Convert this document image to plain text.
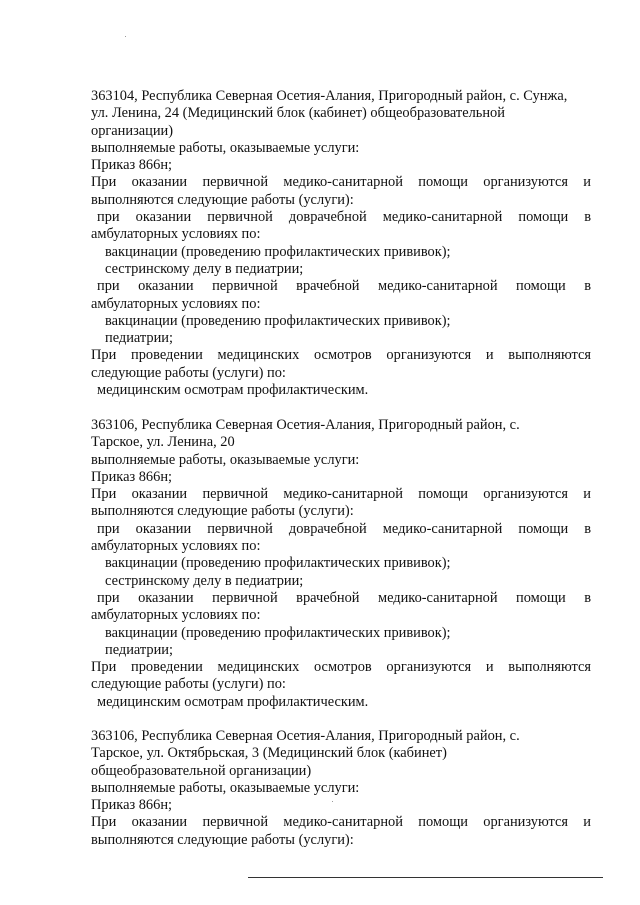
363104, Республика Северная Осетия-Алания, Пригородный район, с. Сунжа,
ул. Ленина, 24 (Медицинский блок (кабинет) общеобразовательной
организации)
выполняемые работы, оказываемые услуги:
Приказ 866н;
При оказании первичной медико-санитарной помощи организуются и
выполняются следующие работы (услуги):
при оказании первичной доврачебной медико-санитарной помощи в
амбулаторных условиях по:
вакцинации (проведению профилактических прививок);
сестринскому делу в педиатрии;
при оказании первичной врачебной медико-санитарной помощи в
амбулаторных условиях по:
вакцинации (проведению профилактических прививок);
педиатрии;
При проведении медицинских осмотров организуются и выполняются
следующие работы (услуги) по:
медицинским осмотрам профилактическим.
363106, Республика Северная Осетия-Алания, Пригородный район, с.
Тарское, ул. Ленина, 20
выполняемые работы, оказываемые услуги:
Приказ 866н;
При оказании первичной медико-санитарной помощи организуются и
выполняются следующие работы (услуги):
при оказании первичной доврачебной медико-санитарной помощи в
амбулаторных условиях по:
вакцинации (проведению профилактических прививок);
сестринскому делу в педиатрии;
при оказании первичной врачебной медико-санитарной помощи в
амбулаторных условиях по:
вакцинации (проведению профилактических прививок);
педиатрии;
При проведении медицинских осмотров организуются и выполняются
следующие работы (услуги) по:
медицинским осмотрам профилактическим.
363106, Республика Северная Осетия-Алания, Пригородный район, с.
Тарское, ул. Октябрьская, 3 (Медицинский блок (кабинет)
общеобразовательной организации)
выполняемые работы, оказываемые услуги:
Приказ 866н;
При оказании первичной медико-санитарной помощи организуются и
выполняются следующие работы (услуги):
